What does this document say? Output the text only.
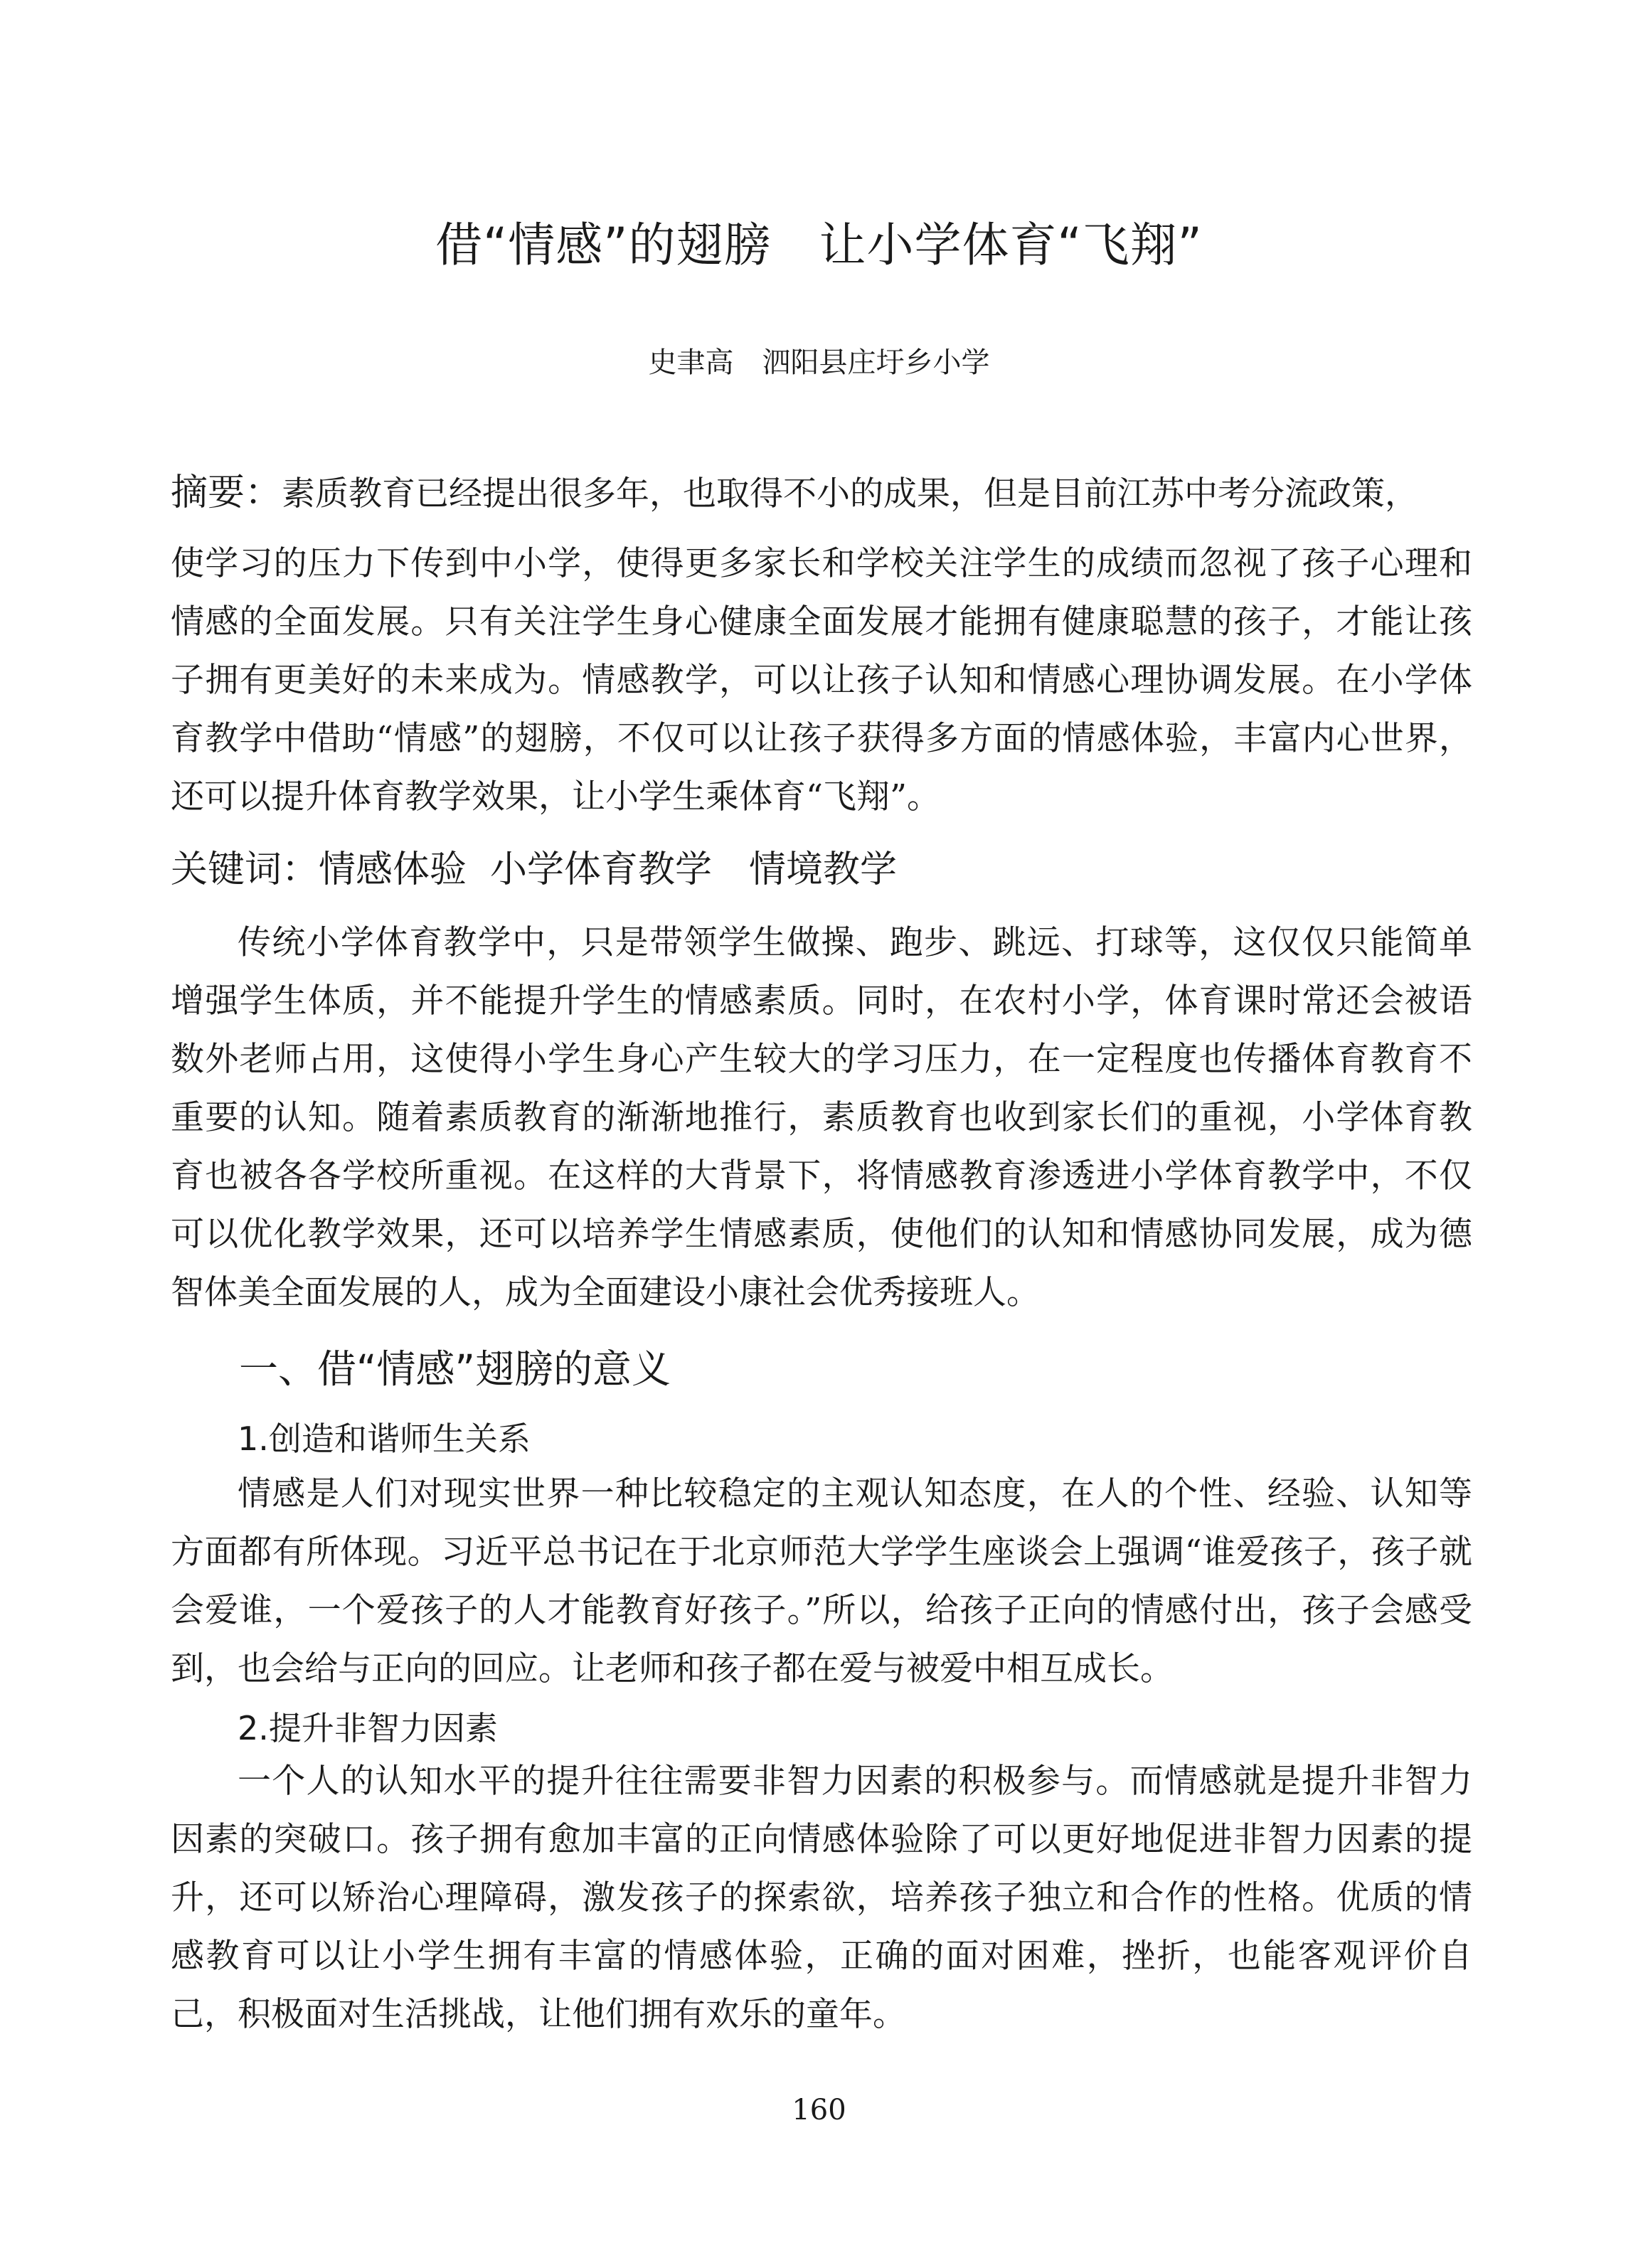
借“情感”的翅膀　让小学体育“飞翔”
史聿高　泗阳县庄圩乡小学
摘要：素质教育已经提出很多年，也取得不小的成果，但是目前江苏中考分流政策，
使学习的压力下传到中小学，使得更多家长和学校关注学生的成绩而忽视了孩子心理和情感的全面发展。只有关注学生身心健康全面发展才能拥有健康聪慧的孩子，才能让孩子拥有更美好的未来成为。情感教学，可以让孩子认知和情感心理协调发展。在小学体育教学中借助“情感”的翅膀，不仅可以让孩子获得多方面的情感体验，丰富内心世界，还可以提升体育教学效果，让小学生乘体育“飞翔”。
关键词：情感体验  小学体育教学　情境教学
传统小学体育教学中，只是带领学生做操、跑步、跳远、打球等，这仅仅只能简单增强学生体质，并不能提升学生的情感素质。同时，在农村小学，体育课时常还会被语数外老师占用，这使得小学生身心产生较大的学习压力，在一定程度也传播体育教育不重要的认知。随着素质教育的渐渐地推行，素质教育也收到家长们的重视，小学体育教育也被各各学校所重视。在这样的大背景下，将情感教育渗透进小学体育教学中，不仅可以优化教学效果，还可以培养学生情感素质，使他们的认知和情感协同发展，成为德智体美全面发展的人，成为全面建设小康社会优秀接班人。
一、借“情感”翅膀的意义
1.创造和谐师生关系
情感是人们对现实世界一种比较稳定的主观认知态度，在人的个性、经验、认知等方面都有所体现。习近平总书记在于北京师范大学学生座谈会上强调“谁爱孩子，孩子就会爱谁，一个爱孩子的人才能教育好孩子。”所以，给孩子正向的情感付出，孩子会感受到，也会给与正向的回应。让老师和孩子都在爱与被爱中相互成长。
2.提升非智力因素
一个人的认知水平的提升往往需要非智力因素的积极参与。而情感就是提升非智力因素的突破口。孩子拥有愈加丰富的正向情感体验除了可以更好地促进非智力因素的提升，还可以矫治心理障碍，激发孩子的探索欲，培养孩子独立和合作的性格。优质的情感教育可以让小学生拥有丰富的情感体验，正确的面对困难，挫折，也能客观评价自己，积极面对生活挑战，让他们拥有欢乐的童年。
160
